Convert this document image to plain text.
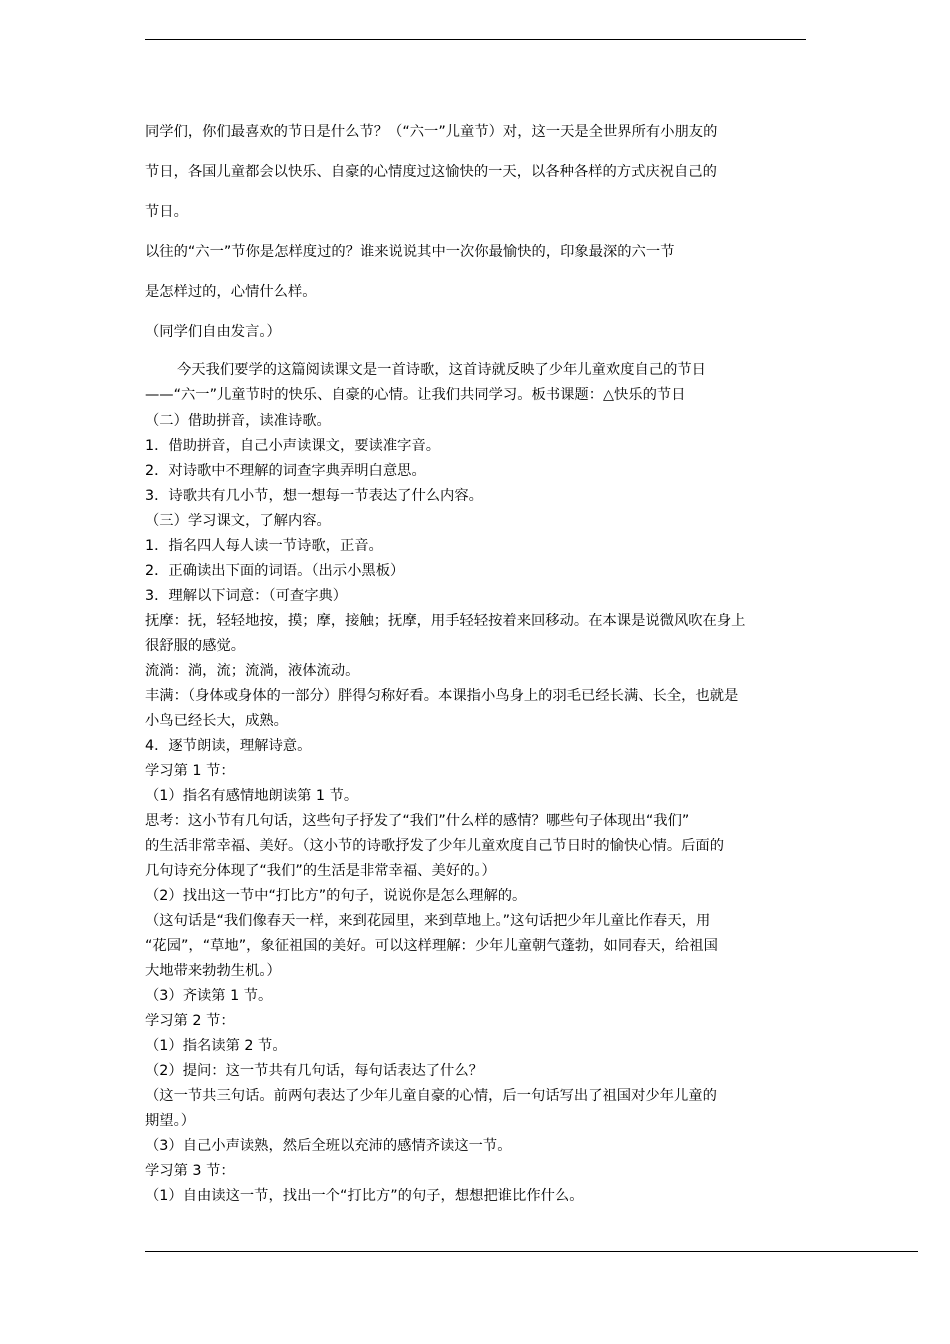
同学们，你们最喜欢的节日是什么节？（“六一”儿童节）对，这一天是全世界所有小朋友的
节日，各国儿童都会以快乐、自豪的心情度过这愉快的一天，以各种各样的方式庆祝自己的
节日。
以往的“六一”节你是怎样度过的？谁来说说其中一次你最愉快的，印象最深的六一节
是怎样过的，心情什么样。
（同学们自由发言。）
今天我们要学的这篇阅读课文是一首诗歌，这首诗就反映了少年儿童欢度自己的节日
——“六一”儿童节时的快乐、自豪的心情。让我们共同学习。板书课题：△快乐的节日
（二）借助拼音，读准诗歌。
1．借助拼音，自己小声读课文，要读准字音。
2．对诗歌中不理解的词查字典弄明白意思。
3．诗歌共有几小节，想一想每一节表达了什么内容。
（三）学习课文，了解内容。
1．指名四人每人读一节诗歌，正音。
2．正确读出下面的词语。（出示小黑板）
3．理解以下词意：（可查字典）
抚摩：抚，轻轻地按，摸；摩，接触；抚摩，用手轻轻按着来回移动。在本课是说微风吹在身上
很舒服的感觉。
流淌：淌，流；流淌，液体流动。
丰满：（身体或身体的一部分）胖得匀称好看。本课指小鸟身上的羽毛已经长满、长全，也就是
小鸟已经长大，成熟。
4．逐节朗读，理解诗意。
学习第 1 节：
（1）指名有感情地朗读第 1 节。
思考：这小节有几句话，这些句子抒发了“我们”什么样的感情？哪些句子体现出“我们”
的生活非常幸福、美好。（这小节的诗歌抒发了少年儿童欢度自己节日时的愉快心情。后面的
几句诗充分体现了“我们”的生活是非常幸福、美好的。）
（2）找出这一节中“打比方”的句子，说说你是怎么理解的。
（这句话是“我们像春天一样，来到花园里，来到草地上。”这句话把少年儿童比作春天，用
“花园”，“草地”，象征祖国的美好。可以这样理解：少年儿童朝气蓬勃，如同春天，给祖国
大地带来勃勃生机。）
（3）齐读第 1 节。
学习第 2 节：
（1）指名读第 2 节。
（2）提问：这一节共有几句话，每句话表达了什么？
（这一节共三句话。前两句表达了少年儿童自豪的心情，后一句话写出了祖国对少年儿童的
期望。）
（3）自己小声读熟，然后全班以充沛的感情齐读这一节。
学习第 3 节：
（1）自由读这一节，找出一个“打比方”的句子，想想把谁比作什么。
